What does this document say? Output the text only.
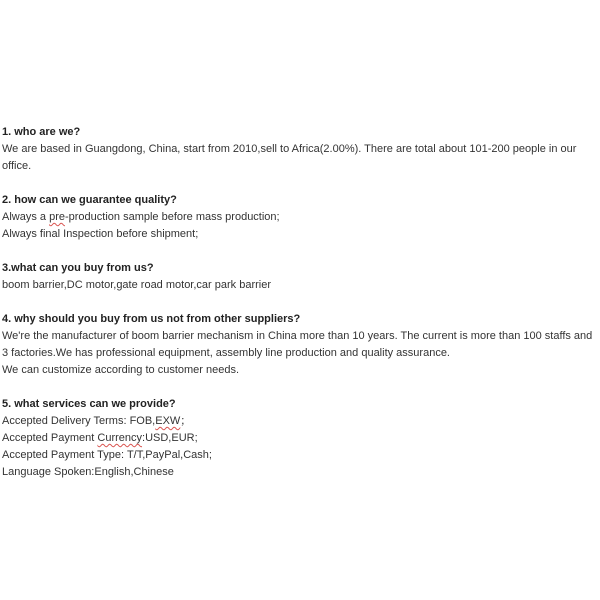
1. who are we?
We are based in Guangdong, China, start from 2010,sell to Africa(2.00%). There are total about 101-200 people in our office.
2. how can we guarantee quality?
Always a pre-production sample before mass production;
Always final Inspection before shipment;
3.what can you buy from us?
boom barrier,DC motor,gate road motor,car park barrier
4. why should you buy from us not from other suppliers?
We're the manufacturer of boom barrier mechanism in China more than 10 years. The current is more than 100 staffs and 3 factories.We has professional equipment, assembly line production and quality assurance.
We can customize according to customer needs.
5. what services can we provide?
Accepted Delivery Terms: FOB,EXW；
Accepted Payment Currency:USD,EUR;
Accepted Payment Type: T/T,PayPal,Cash;
Language Spoken:English,Chinese
